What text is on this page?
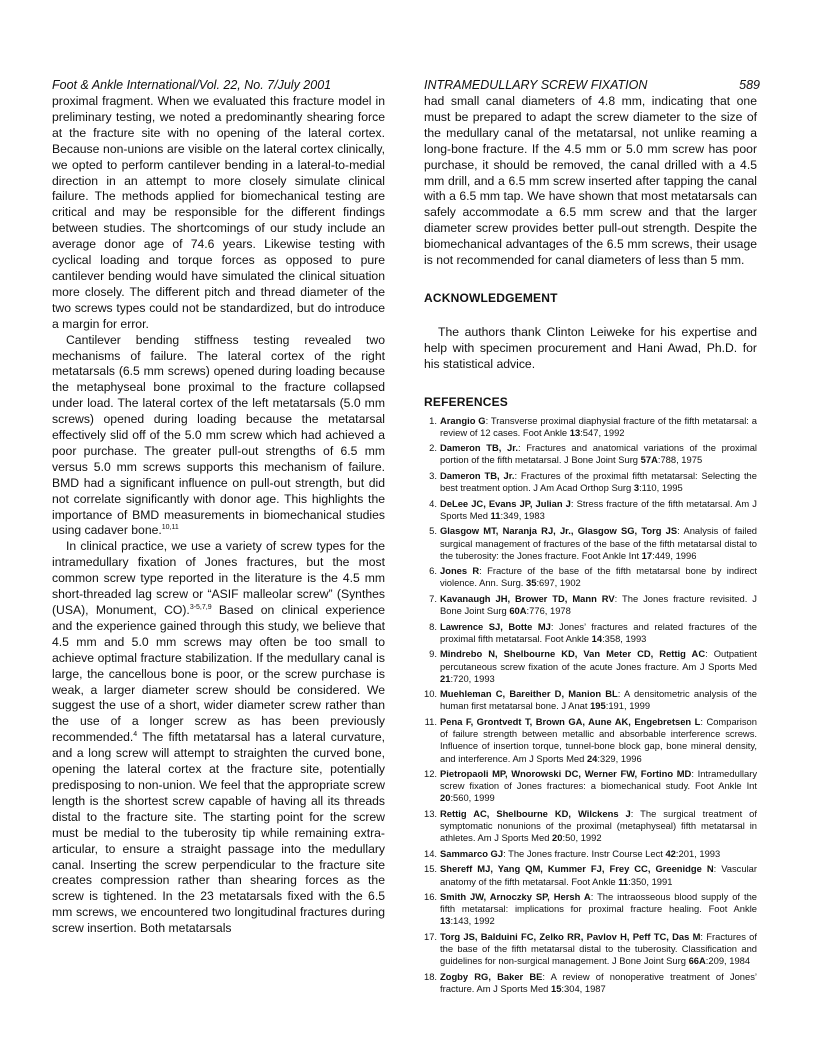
Foot & Ankle International/Vol. 22, No. 7/July 2001	INTRAMEDULLARY SCREW FIXATION	589

proximal fragment. When we evaluated this fracture model in preliminary testing, we noted a predominantly shearing force at the fracture site with no opening of the lateral cortex. Because non-unions are visible on the lateral cortex clinically, we opted to perform cantilever bending in a lateral-to-medial direction in an attempt to more closely simulate clinical failure. The methods applied for biomechanical testing are critical and may be responsible for the different findings between studies. The shortcomings of our study include an average donor age of 74.6 years. Likewise testing with cyclical loading and torque forces as opposed to pure cantilever bending would have simulated the clinical situation more closely. The different pitch and thread diameter of the two screws types could not be standardized, but do introduce a margin for error.

Cantilever bending stiffness testing revealed two mechanisms of failure. The lateral cortex of the right metatarsals (6.5 mm screws) opened during loading because the metaphyseal bone proximal to the fracture collapsed under load. The lateral cortex of the left metatarsals (5.0 mm screws) opened during loading because the metatarsal effectively slid off of the 5.0 mm screw which had achieved a poor purchase. The greater pull-out strengths of 6.5 mm versus 5.0 mm screws supports this mechanism of failure. BMD had a significant influence on pull-out strength, but did not correlate significantly with donor age. This highlights the importance of BMD measurements in biomechanical studies using cadaver bone.$^{10,11}$

In clinical practice, we use a variety of screw types for the intramedullary fixation of Jones fractures, but the most common screw type reported in the literature is the 4.5 mm short-threaded lag screw or “ASIF malleolar screw” (Synthes (USA), Monument, CO).$^{3-5,7,9}$ Based on clinical experience and the experience gained through this study, we believe that 4.5 mm and 5.0 mm screws may often be too small to achieve optimal fracture stabilization. If the medullary canal is large, the cancellous bone is poor, or the screw purchase is weak, a larger diameter screw should be considered. We suggest the use of a short, wider diameter screw rather than the use of a longer screw as has been previously recommended.$^4$ The fifth metatarsal has a lateral curvature, and a long screw will attempt to straighten the curved bone, opening the lateral cortex at the fracture site, potentially predisposing to non-union. We feel that the appropriate screw length is the shortest screw capable of having all its threads distal to the fracture site. The starting point for the screw must be medial to the tuberosity tip while remaining extra-articular, to ensure a straight passage into the medullary canal. Inserting the screw perpendicular to the fracture site creates compression rather than shearing forces as the screw is tightened. In the 23 metatarsals fixed with the 6.5 mm screws, we encountered two longitudinal fractures during screw insertion. Both metatarsals

had small canal diameters of 4.8 mm, indicating that one must be prepared to adapt the screw diameter to the size of the medullary canal of the metatarsal, not unlike reaming a long-bone fracture. If the 4.5 mm or 5.0 mm screw has poor purchase, it should be removed, the canal drilled with a 4.5 mm drill, and a 6.5 mm screw inserted after tapping the canal with a 6.5 mm tap. We have shown that most metatarsals can safely accommodate a 6.5 mm screw and that the larger diameter screw provides better pull-out strength. Despite the biomechanical advantages of the 6.5 mm screws, their usage is not recommended for canal diameters of less than 5 mm.

ACKNOWLEDGEMENT

The authors thank Clinton Leiweke for his expertise and help with specimen procurement and Hani Awad, Ph.D. for his statistical advice.

REFERENCES
1. Arangio G: Transverse proximal diaphysial fracture of the fifth metatarsal: a review of 12 cases. Foot Ankle 13:547, 1992
2. Dameron TB, Jr.: Fractures and anatomical variations of the proximal portion of the fifth metatarsal. J Bone Joint Surg 57A:788, 1975
3. Dameron TB, Jr.: Fractures of the proximal fifth metatarsal: Selecting the best treatment option. J Am Acad Orthop Surg 3:110, 1995
4. DeLee JC, Evans JP, Julian J: Stress fracture of the fifth metatarsal. Am J Sports Med 11:349, 1983
5. Glasgow MT, Naranja RJ, Jr., Glasgow SG, Torg JS: Analysis of failed surgical management of fractures of the base of the fifth metatarsal distal to the tuberosity: the Jones fracture. Foot Ankle Int 17:449, 1996
6. Jones R: Fracture of the base of the fifth metatarsal bone by indirect violence. Ann. Surg. 35:697, 1902
7. Kavanaugh JH, Brower TD, Mann RV: The Jones fracture revisited. J Bone Joint Surg 60A:776, 1978
8. Lawrence SJ, Botte MJ: Jones’ fractures and related fractures of the proximal fifth metatarsal. Foot Ankle 14:358, 1993
9. Mindrebo N, Shelbourne KD, Van Meter CD, Rettig AC: Outpatient percutaneous screw fixation of the acute Jones fracture. Am J Sports Med 21:720, 1993
10. Muehleman C, Bareither D, Manion BL: A densitometric analysis of the human first metatarsal bone. J Anat 195:191, 1999
11. Pena F, Grontvedt T, Brown GA, Aune AK, Engebretsen L: Comparison of failure strength between metallic and absorbable interference screws. Influence of insertion torque, tunnel-bone block gap, bone mineral density, and interference. Am J Sports Med 24:329, 1996
12. Pietropaoli MP, Wnorowski DC, Werner FW, Fortino MD: Intramedullary screw fixation of Jones fractures: a biomechanical study. Foot Ankle Int 20:560, 1999
13. Rettig AC, Shelbourne KD, Wilckens J: The surgical treatment of symptomatic nonunions of the proximal (metaphyseal) fifth metatarsal in athletes. Am J Sports Med 20:50, 1992
14. Sammarco GJ: The Jones fracture. Instr Course Lect 42:201, 1993
15. Shereff MJ, Yang QM, Kummer FJ, Frey CC, Greenidge N: Vascular anatomy of the fifth metatarsal. Foot Ankle 11:350, 1991
16. Smith JW, Arnoczky SP, Hersh A: The intraosseous blood supply of the fifth metatarsal: implications for proximal fracture healing. Foot Ankle 13:143, 1992
17. Torg JS, Balduini FC, Zelko RR, Pavlov H, Peff TC, Das M: Fractures of the base of the fifth metatarsal distal to the tuberosity. Classification and guidelines for non-surgical management. J Bone Joint Surg 66A:209, 1984
18. Zogby RG, Baker BE: A review of nonoperative treatment of Jones’ fracture. Am J Sports Med 15:304, 1987
